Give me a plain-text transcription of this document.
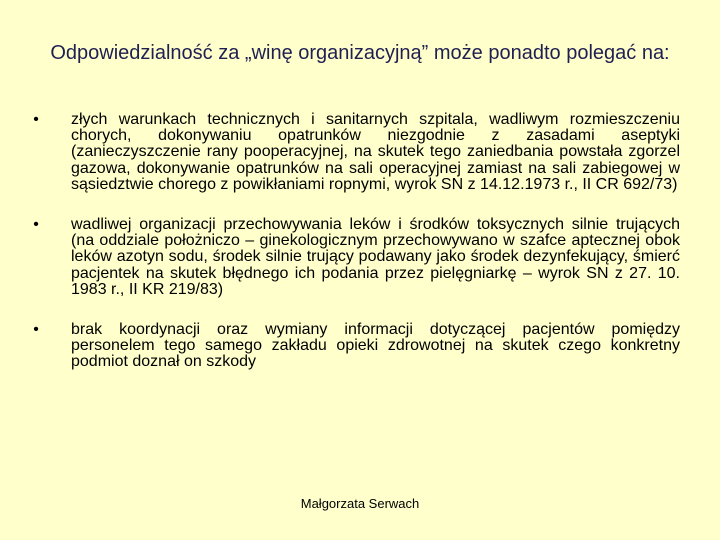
Odpowiedzialność za „winę organizacyjną” może ponadto polegać na:
• złych warunkach technicznych i sanitarnych szpitala, wadliwym rozmieszczeniu chorych, dokonywaniu opatrunków niezgodnie z zasadami aseptyki (zanieczyszczenie rany pooperacyjnej, na skutek tego zaniedbania powstała zgorzel gazowa, dokonywanie opatrunków na sali operacyjnej zamiast na sali zabiegowej w sąsiedztwie chorego z powikłaniami ropnymi, wyrok SN z 14.12.1973 r., II CR 692/73)
• wadliwej organizacji przechowywania leków i środków toksycznych silnie trujących (na oddziale położniczo – ginekologicznym przechowywano w szafce aptecznej obok leków azotyn sodu, środek silnie trujący podawany jako środek dezynfekujący, śmierć pacjentek na skutek błędnego ich podania przez pielęgniarkę – wyrok SN z 27. 10. 1983 r., II KR 219/83)
• brak koordynacji oraz wymiany informacji dotyczącej pacjentów pomiędzy personelem tego samego zakładu opieki zdrowotnej na skutek czego konkretny podmiot doznał on szkody
Małgorzata Serwach
